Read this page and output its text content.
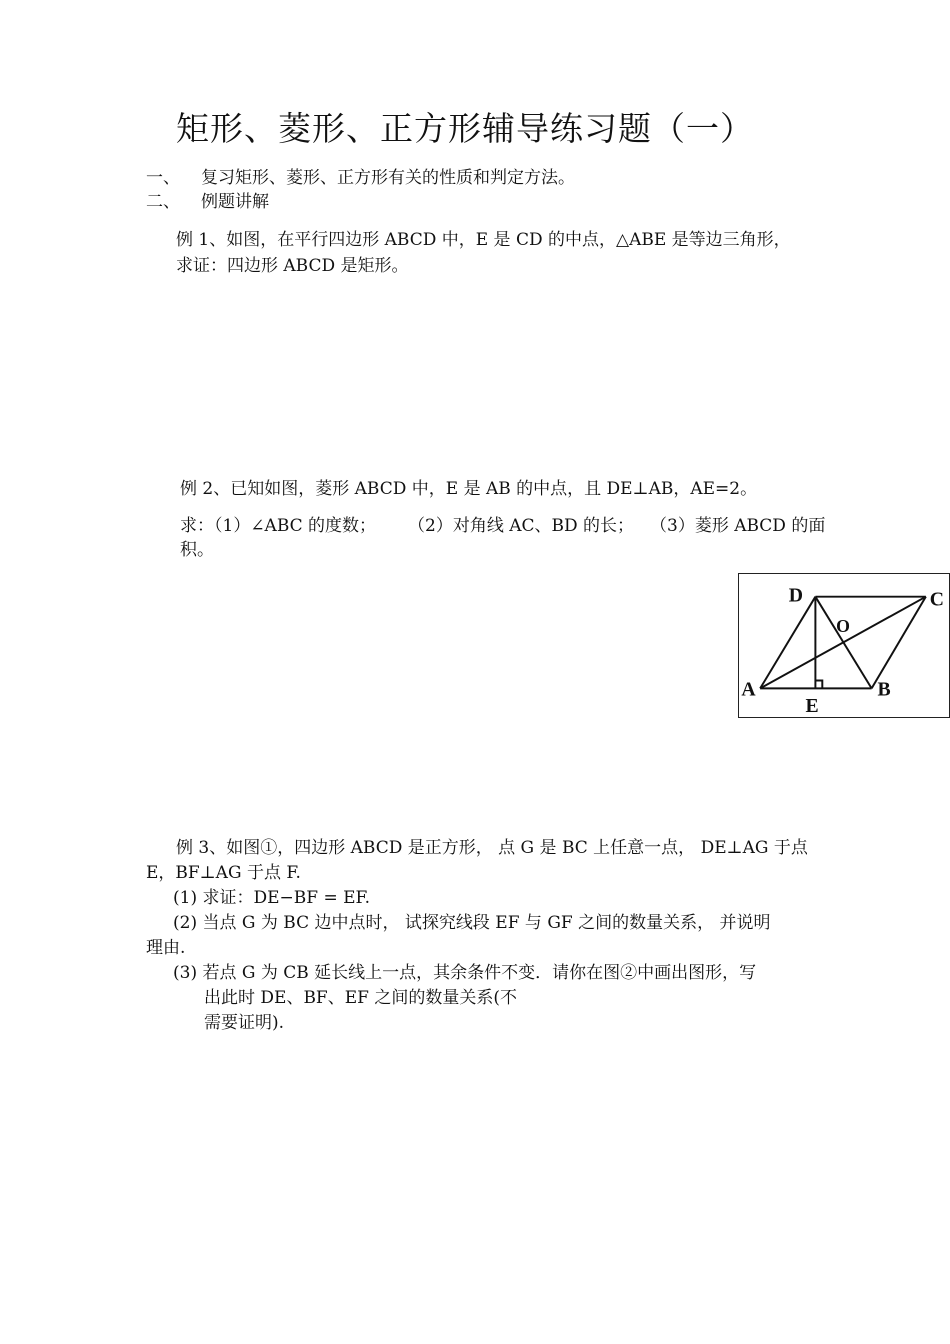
矩形、菱形、正方形辅导练习题（一）
一、 复习矩形、菱形、正方形有关的性质和判定方法。
二、 例题讲解
例 1、如图，在平行四边形 ABCD 中，E 是 CD 的中点，△ABE 是等边三角形，
求证：四边形 ABCD 是矩形。
例 2、已知如图，菱形 ABCD 中，E 是 AB 的中点，且 DE⊥AB，AE=2。
求：（1）∠ABC 的度数； （2）对角线 AC、BD 的长； （3）菱形 ABCD 的面
积。
D	C
O
A	B
E
例 3、如图①，四边形 ABCD 是正方形， 点 G 是 BC 上任意一点， DE⊥AG 于点
E，BF⊥AG 于点 F.
(1) 求证：DE−BF = EF.
(2) 当点 G 为 BC 边中点时， 试探究线段 EF 与 GF 之间的数量关系， 并说明
理由.
(3) 若点 G 为 CB 延长线上一点，其余条件不变．请你在图②中画出图形，写
出此时 DE、BF、EF 之间的数量关系(不
需要证明).
